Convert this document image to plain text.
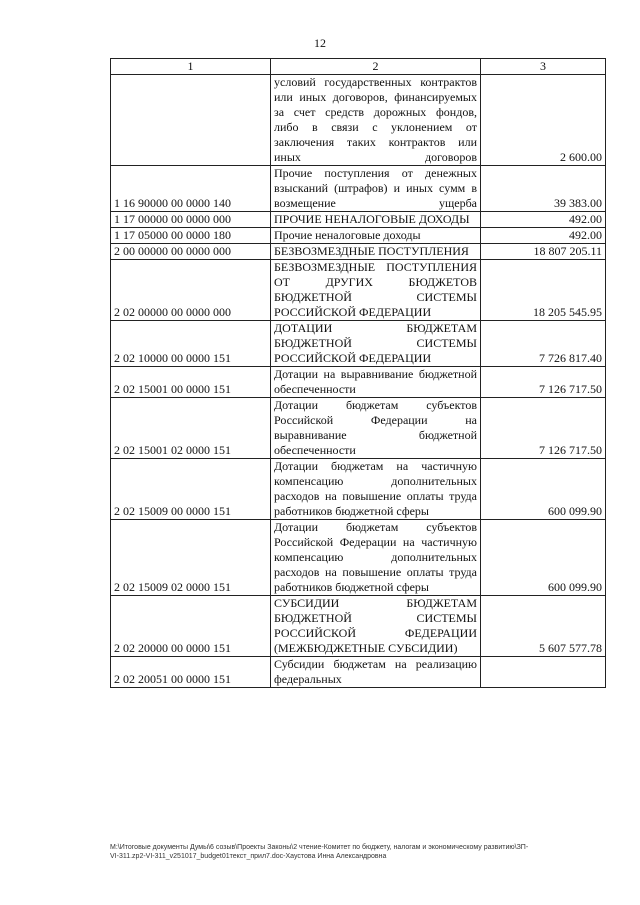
12
1	2	3
	условий государственных контрактов или иных договоров, финансируемых за счет средств дорожных фондов, либо в связи с уклонением от заключения таких контрактов или иных договоров	2 600.00
1 16 90000 00 0000 140	Прочие поступления от денежных взысканий (штрафов) и иных сумм в возмещение ущерба	39 383.00
1 17 00000 00 0000 000	ПРОЧИЕ НЕНАЛОГОВЫЕ ДОХОДЫ	492.00
1 17 05000 00 0000 180	Прочие неналоговые доходы	492.00
2 00 00000 00 0000 000	БЕЗВОЗМЕЗДНЫЕ ПОСТУПЛЕНИЯ	18 807 205.11
2 02 00000 00 0000 000	БЕЗВОЗМЕЗДНЫЕ ПОСТУПЛЕНИЯ ОТ ДРУГИХ БЮДЖЕТОВ БЮДЖЕТНОЙ СИСТЕМЫ РОССИЙСКОЙ ФЕДЕРАЦИИ	18 205 545.95
2 02 10000 00 0000 151	ДОТАЦИИ БЮДЖЕТАМ БЮДЖЕТНОЙ СИСТЕМЫ РОССИЙСКОЙ ФЕДЕРАЦИИ	7 726 817.40
2 02 15001 00 0000 151	Дотации на выравнивание бюджетной обеспеченности	7 126 717.50
2 02 15001 02 0000 151	Дотации бюджетам субъектов Российской Федерации на выравнивание бюджетной обеспеченности	7 126 717.50
2 02 15009 00 0000 151	Дотации бюджетам на частичную компенсацию дополнительных расходов на повышение оплаты труда работников бюджетной сферы	600 099.90
2 02 15009 02 0000 151	Дотации бюджетам субъектов Российской Федерации на частичную компенсацию дополнительных расходов на повышение оплаты труда работников бюджетной сферы	600 099.90
2 02 20000 00 0000 151	СУБСИДИИ БЮДЖЕТАМ БЮДЖЕТНОЙ СИСТЕМЫ РОССИЙСКОЙ ФЕДЕРАЦИИ (МЕЖБЮДЖЕТНЫЕ СУБСИДИИ)	5 607 577.78
2 02 20051 00 0000 151	Субсидии бюджетам на реализацию федеральных	
M:\Итоговые документы Думы\6 созыв\Проекты Законы\2 чтение-Комитет по бюджету, налогам и экономическому развитию\ЗП-VI-311.zp2-VI-311_v251017_budget01текст_прил7.doc-Хаустова Инна Александровна
